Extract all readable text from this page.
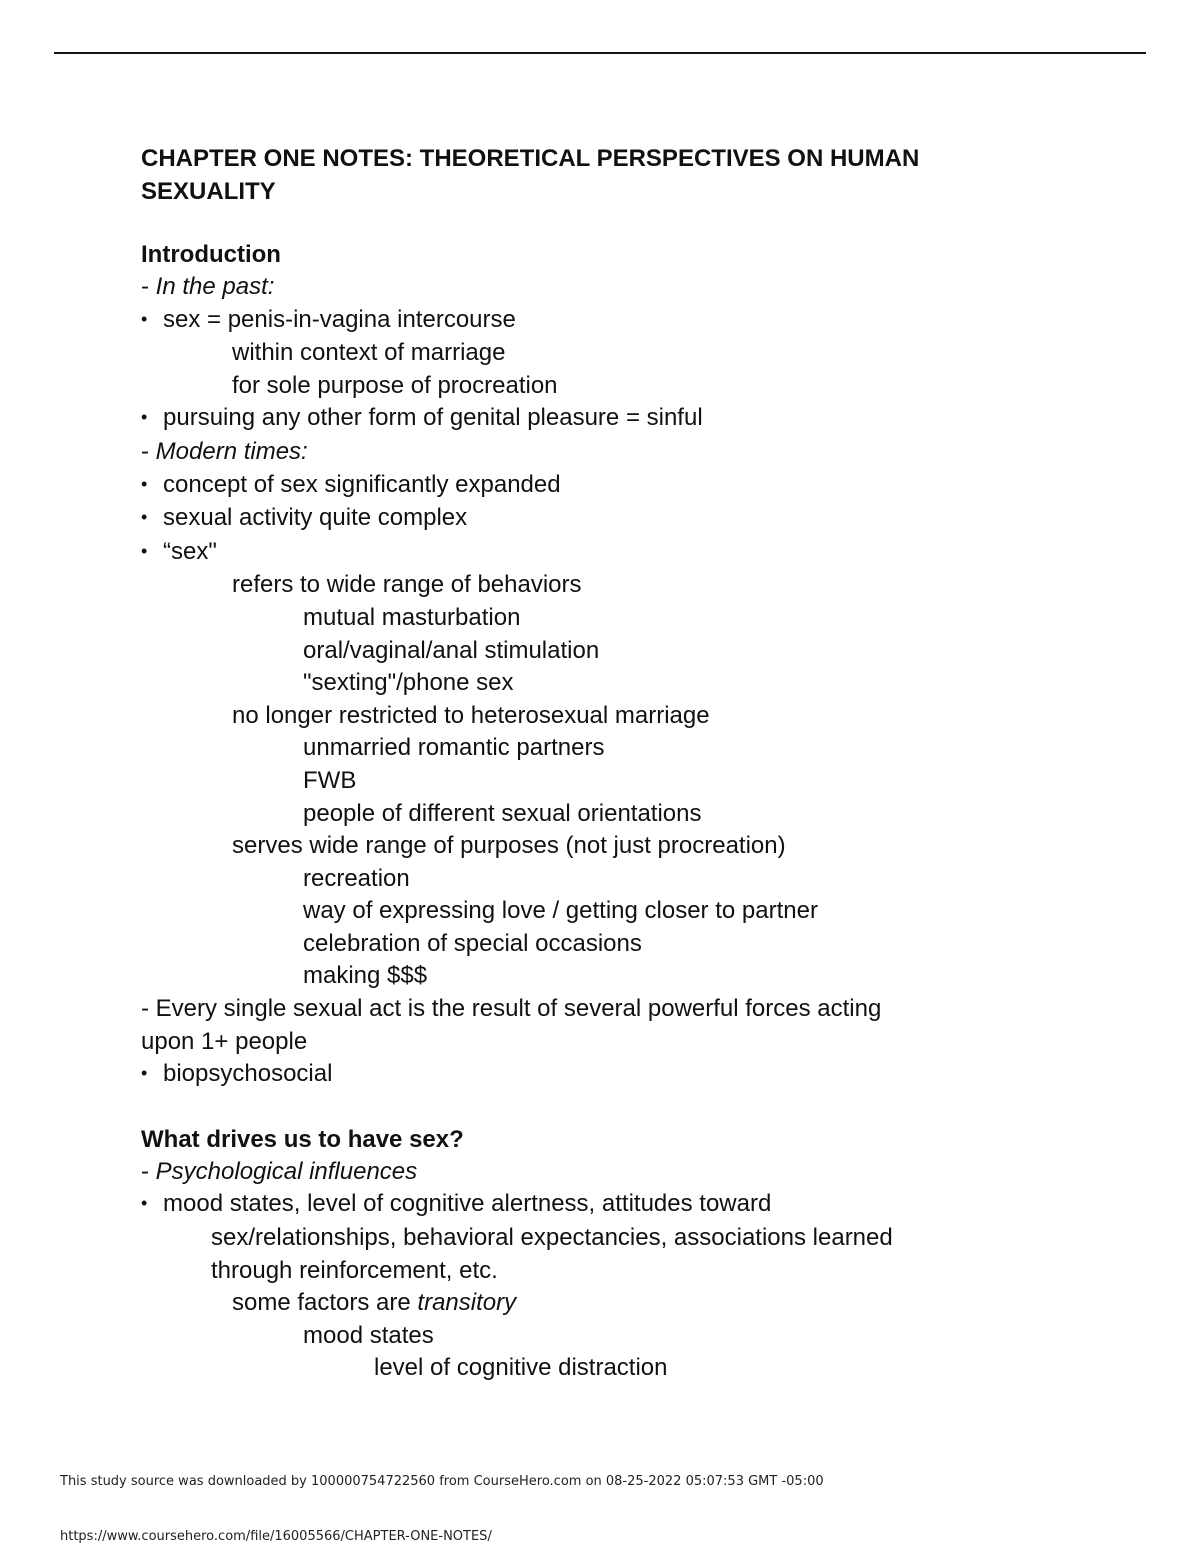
CHAPTER ONE NOTES: THEORETICAL PERSPECTIVES ON HUMAN
SEXUALITY
Introduction
- In the past:
• sex = penis-in-vagina intercourse
within context of marriage
for sole purpose of procreation
• pursuing any other form of genital pleasure = sinful
- Modern times:
• concept of sex significantly expanded
• sexual activity quite complex
• “sex"
refers to wide range of behaviors
mutual masturbation
oral/vaginal/anal stimulation
"sexting"/phone sex
no longer restricted to heterosexual marriage
unmarried romantic partners
FWB
people of different sexual orientations
serves wide range of purposes (not just procreation)
recreation
way of expressing love / getting closer to partner
celebration of special occasions
making $$$
- Every single sexual act is the result of several powerful forces acting
upon 1+ people
• biopsychosocial
What drives us to have sex?
- Psychological influences
• mood states, level of cognitive alertness, attitudes toward
sex/relationships, behavioral expectancies, associations learned
through reinforcement, etc.
some factors are transitory
mood states
level of cognitive distraction
This study source was downloaded by 100000754722560 from CourseHero.com on 08-25-2022 05:07:53 GMT -05:00
https://www.coursehero.com/file/16005566/CHAPTER-ONE-NOTES/
